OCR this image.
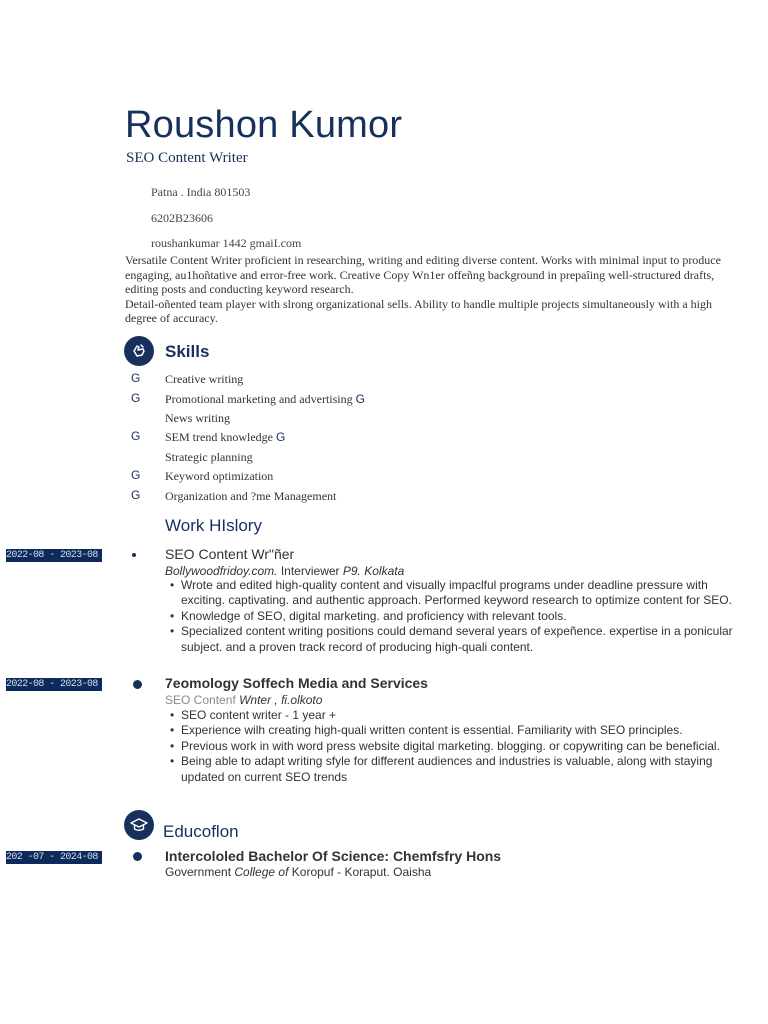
Roushon Kumor
SEO Content Writer
Patna . India 801503
6202B23606
roushankumar 1442 gmaiI.com

Versatile Content Writer proficient in researching, writing and editing diverse content. Works with minimal input to produce engaging, au1hoñtative and error-free work. Creative Copy Wn1er offeñng background in prepaîing well-structured drafts, editing posts and conducting keyword research.

Detail-oñented team player with slrong organizational sells. Ability to handle multiple projects simultaneously with a high degree of accuracy.

Skills
G Creative writing
G Promotional marketing and advertising G
News writing
G SEM trend knowledge G
Strategic planning
G Keyword optimization
G Organization and ?me Management
Work HIslory
2022-08 - 2023-08	SEO Content Wr"ñer
Bollywoodfridoy.com. Interviewer P9. Kolkata
• Wrote and edited high-quality content and visually impaclful programs under deadline pressure with exciting. captivating. and authentic approach. Performed keyword research to optimize content for SEO.
• Knowledge of SEO, digital marketing. and proficiency with relevant tools.
• Specialized content writing positions could demand several years of expeñence. expertise in a ponicular subject. and a proven track record of producing high-quali content.
2022-08 - 2023-08	7eomology Soffech Media and Services
SEO Contenf Wnter , fi.olkoto
• SEO content writer - 1 year +
• Experience wilh creating high-quali written content is essential. Familiarity with SEO principles.
• Previous work in with word press website digital marketing. blogging. or copywriting can be beneficial.
• Being able to adapt writing sfyle for different audiences and industries is valuable, along with staying updated on current SEO trends
Educoflon
202 -07 - 2024-08	Intercololed Bachelor Of Science: Chemfsfry Hons
Government College of Koropuf - Koraput. Oaisha
